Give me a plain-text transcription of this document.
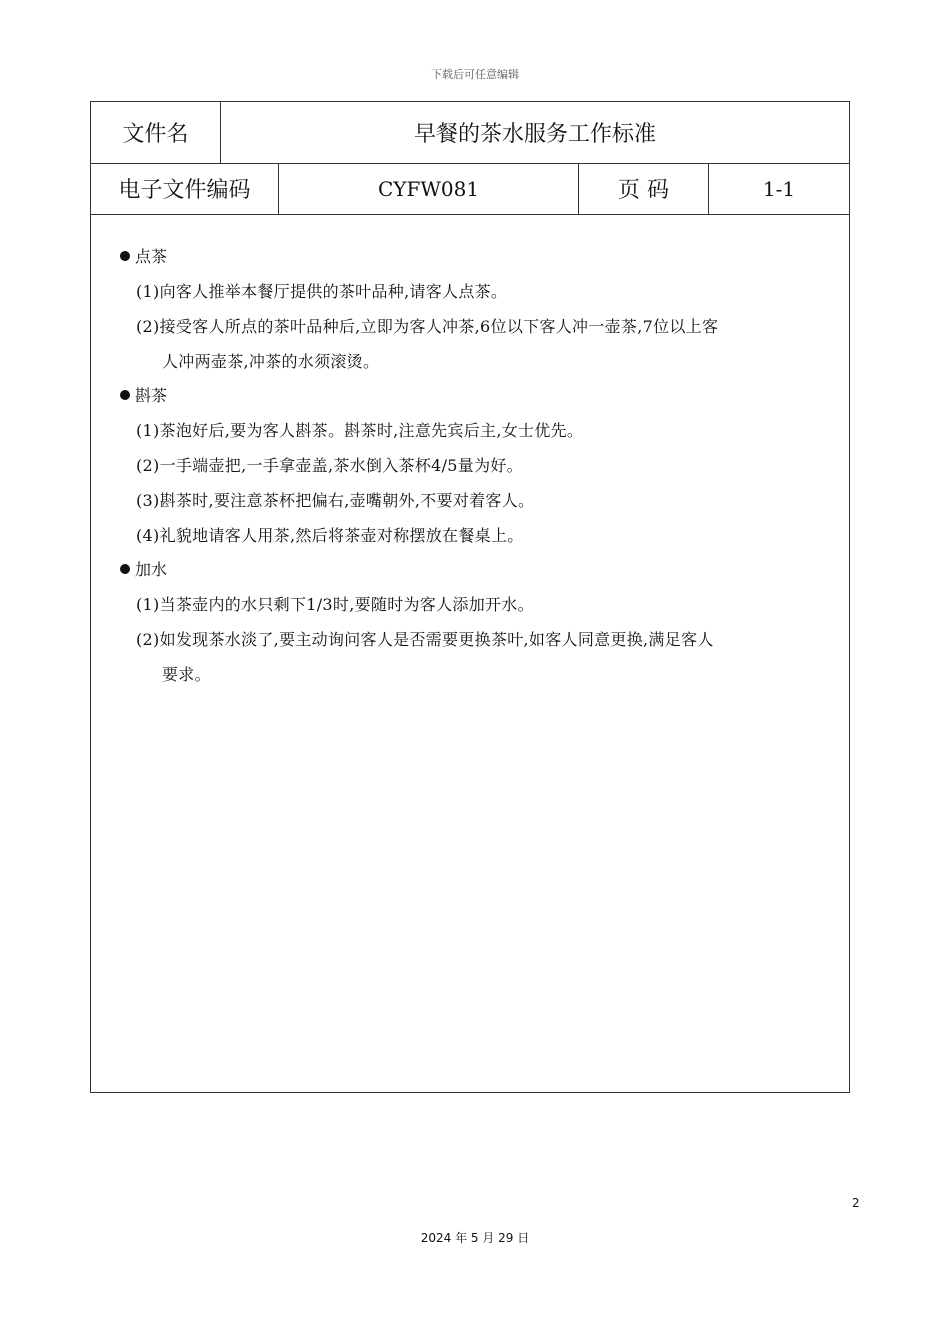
下载后可任意编辑
文件名	早餐的茶水服务工作标准
电子文件编码	CYFW081	页 码	1-1
点茶
(1)向客人推举本餐厅提供的茶叶品种,请客人点茶。
(2)接受客人所点的茶叶品种后,立即为客人冲茶,6位以下客人冲一壶茶,7位以上客
人冲两壶茶,冲茶的水须滚烫。
斟茶
(1)茶泡好后,要为客人斟茶。斟茶时,注意先宾后主,女士优先。
(2)一手端壶把,一手拿壶盖,茶水倒入茶杯4/5量为好。
(3)斟茶时,要注意茶杯把偏右,壶嘴朝外,不要对着客人。
(4)礼貌地请客人用茶,然后将茶壶对称摆放在餐桌上。
加水
(1)当茶壶内的水只剩下1/3时,要随时为客人添加开水。
(2)如发现茶水淡了,要主动询问客人是否需要更换茶叶,如客人同意更换,满足客人
要求。
2
2024 年 5 月 29 日
